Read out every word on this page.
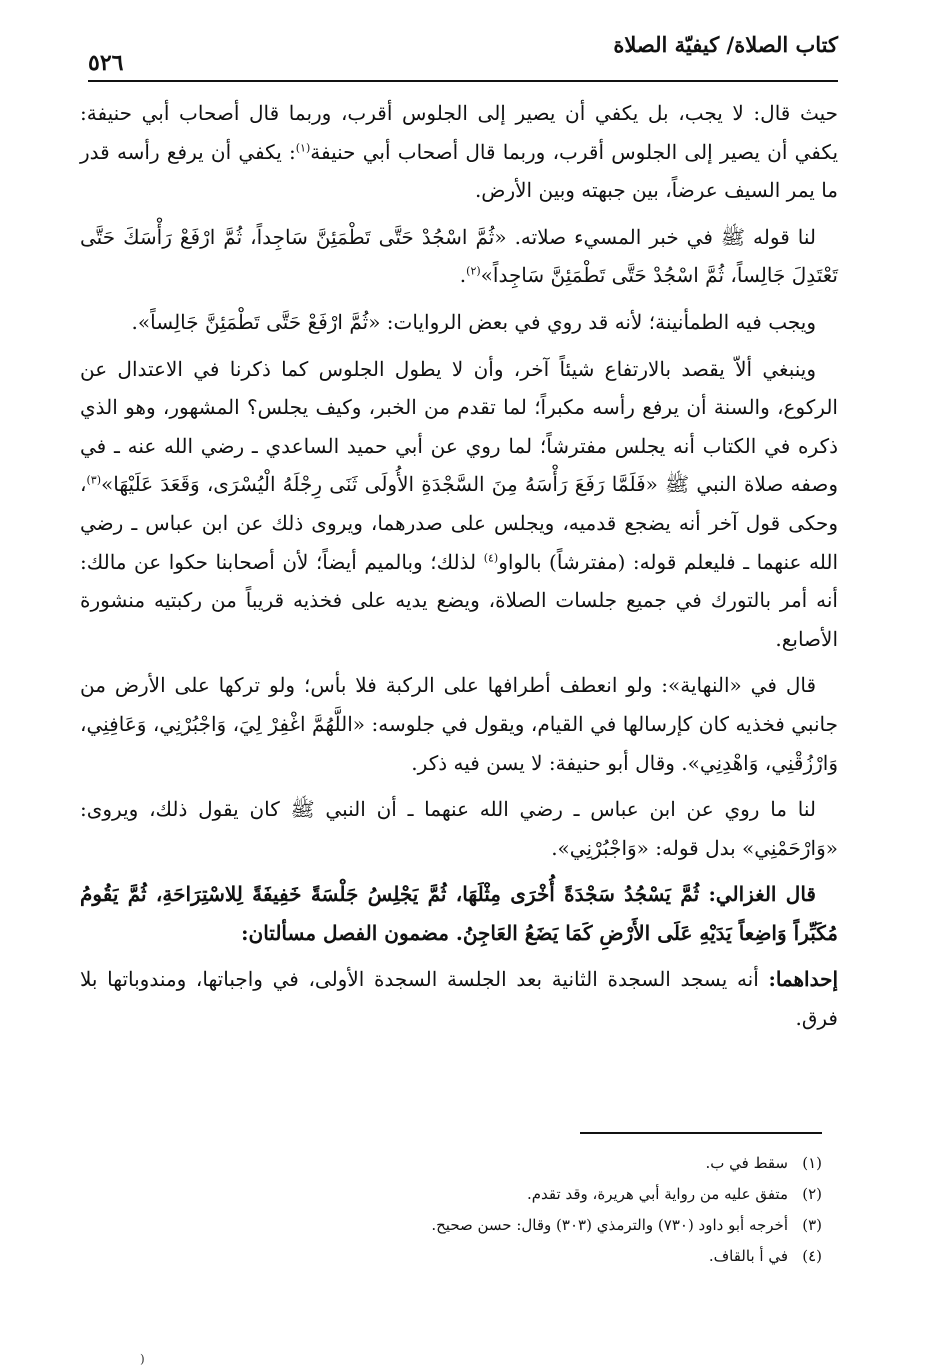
كتاب الصلاة/ كيفيّة الصلاة
٥٢٦

حيث قال: لا يجب، بل يكفي أن يصير إلى الجلوس أقرب، وربما قال أصحاب أبي حنيفة: يكفي أن يصير إلى الجلوس أقرب، وربما قال أصحاب أبي حنيفة$^{(١)}$: يكفي أن يرفع رأسه قدر ما يمر السيف عرضاً، بين جبهته وبين الأرض.

لنا قوله ﷺ في خبر المسيء صلاته. «ثُمَّ اسْجُدْ حَتَّى تَطْمَئِنَّ سَاجِداً، ثُمَّ ارْفَعْ رَأْسَكَ حَتَّى تَعْتَدِلَ جَالِساً، ثُمَّ اسْجُدْ حَتَّى تَطْمَئِنَّ سَاجِداً»$^{(٢)}$.

ويجب فيه الطمأنينة؛ لأنه قد روي في بعض الروايات: «ثُمَّ ارْفَعْ حَتَّى تَطْمَئِنَّ جَالِساً».

وينبغي ألاّ يقصد بالارتفاع شيئاً آخر، وأن لا يطول الجلوس كما ذكرنا في الاعتدال عن الركوع، والسنة أن يرفع رأسه مكبراً؛ لما تقدم من الخبر، وكيف يجلس؟ المشهور، وهو الذي ذكره في الكتاب أنه يجلس مفترشاً؛ لما روي عن أبي حميد الساعدي ـ رضي الله عنه ـ في وصفه صلاة النبي ﷺ «فَلَمَّا رَفَعَ رَأْسَهُ مِنَ السَّجْدَةِ الأُولَى ثَنَى رِجْلَهُ الْيُسْرَى، وَقَعَدَ عَلَيْهَا»$^{(٣)}$، وحكى قول آخر أنه يضجع قدميه، ويجلس على صدرهما، ويروى ذلك عن ابن عباس ـ رضي الله عنهما ـ فليعلم قوله: (مفترشاً) بالواو$^{(٤)}$ لذلك؛ وبالميم أيضاً؛ لأن أصحابنا حكوا عن مالك: أنه أمر بالتورك في جميع جلسات الصلاة، ويضع يديه على فخذيه قريباً من ركبتيه منشورة الأصابع.

قال في «النهاية»: ولو انعطف أطرافها على الركبة فلا بأس؛ ولو تركها على الأرض من جانبي فخذيه كان كإرسالها في القيام، ويقول في جلوسه: «اللَّهُمَّ اغْفِرْ لِيَ، وَاجْبُرْنِي، وَعَافِنِي، وَارْزُقْنِي، وَاهْدِنِي». وقال أبو حنيفة: لا يسن فيه ذكر.

لنا ما روي عن ابن عباس ـ رضي الله عنهما ـ أن النبي ﷺ كان يقول ذلك، ويروى: «وَارْحَمْنِي» بدل قوله: «وَاجْبُرْنِي».

قال الغزالي: ثُمَّ يَسْجُدُ سَجْدَةً أُخْرَى مِثْلَهَا، ثُمَّ يَجْلِسُ جَلْسَةً خَفِيفَةً لِلاسْتِرَاحَةِ، ثُمَّ يَقُومُ مُكَبِّراً وَاضِعاً يَدَيْهِ عَلَى الأَرْضِ كَمَا يَضَعُ العَاجِنُ. مضمون الفصل مسألتان:

إحداهما: أنه يسجد السجدة الثانية بعد الجلسة السجدة الأولى، في واجباتها، ومندوباتها بلا فرق.

(١)
سقط في ب.
(٢)
متفق عليه من رواية أبي هريرة، وقد تقدم.
(٣)
أخرجه أبو داود (٧٣٠) والترمذي (٣٠٣) وقال: حسن صحيح.
(٤)
في أ بالقاف.
(
